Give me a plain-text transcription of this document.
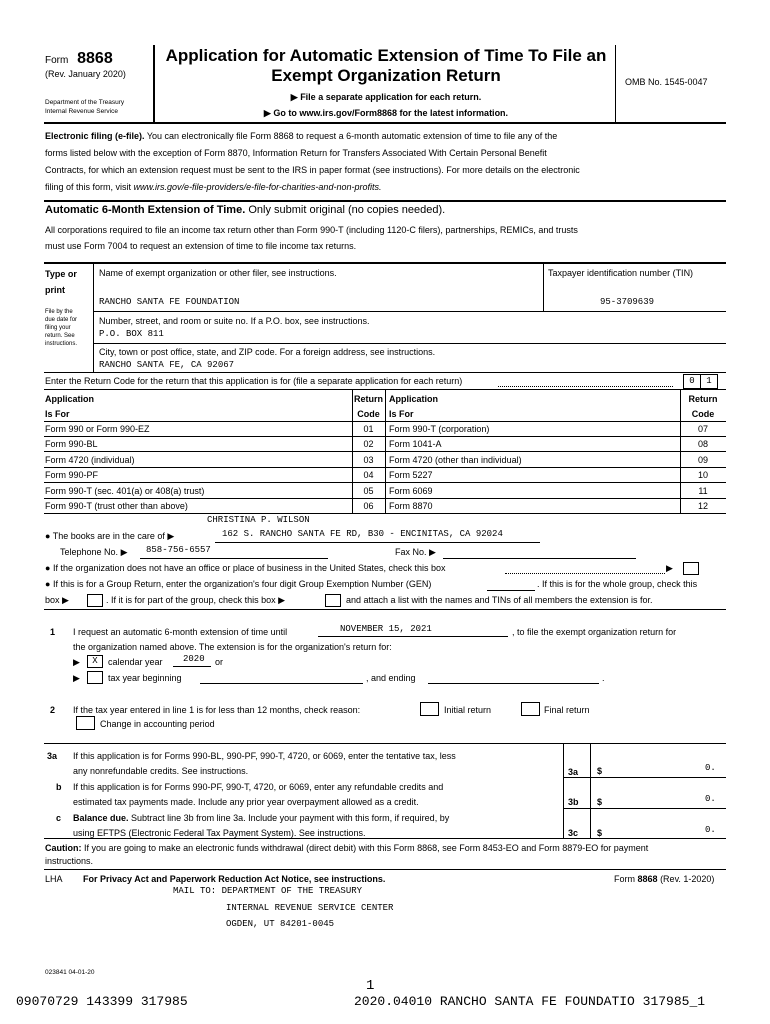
Form 8868
(Rev. January 2020)
Department of the Treasury
Internal Revenue Service
Application for Automatic Extension of Time To File an
Exempt Organization Return
▶ File a separate application for each return.
▶ Go to www.irs.gov/Form8868 for the latest information.
OMB No. 1545-0047
Electronic filing (e-file). You can electronically file Form 8868 to request a 6-month automatic extension of time to file any of the
forms listed below with the exception of Form 8870, Information Return for Transfers Associated With Certain Personal Benefit
Contracts, for which an extension request must be sent to the IRS in paper format (see instructions). For more details on the electronic
filing of this form, visit www.irs.gov/e-file-providers/e-file-for-charities-and-non-profits.
Automatic 6-Month Extension of Time. Only submit original (no copies needed).
All corporations required to file an income tax return other than Form 990-T (including 1120-C filers), partnerships, REMICs, and trusts
must use Form 7004 to request an extension of time to file income tax returns.
Type or
print
File by the
due date for
filing your
return. See
instructions.
Name of exempt organization or other filer, see instructions.	Taxpayer identification number (TIN)
RANCHO SANTA FE FOUNDATION	95-3709639
Number, street, and room or suite no. If a P.O. box, see instructions.
P.O. BOX 811
City, town or post office, state, and ZIP code. For a foreign address, see instructions.
RANCHO SANTA FE, CA 92067
Enter the Return Code for the return that this application is for (file a separate application for each return)	0	1
Application
Is For
Return
Code
Application
Is For
Return
Code
Form 990 or Form 990-EZ	01	Form 990-T (corporation)	07
Form 990-BL	02	Form 1041-A	08
Form 4720 (individual)	03	Form 4720 (other than individual)	09
Form 990-PF	04	Form 5227	10
Form 990-T (sec. 401(a) or 408(a) trust)	05	Form 6069	11
Form 990-T (trust other than above)	06	Form 8870	12
CHRISTINA P. WILSON
● The books are in the care of ▶	162 S. RANCHO SANTA FE RD, B30 - ENCINITAS, CA 92024
Telephone No. ▶ 858-756-6557	Fax No. ▶
● If the organization does not have an office or place of business in the United States, check this box	▶
● If this is for a Group Return, enter the organization's four digit Group Exemption Number (GEN)	. If this is for the whole group, check this
box ▶	. If it is for part of the group, check this box ▶	and attach a list with the names and TINs of all members the extension is for.
1 I request an automatic 6-month extension of time until	NOVEMBER 15, 2021	, to file the exempt organization return for
the organization named above. The extension is for the organization's return for:
▶	X	calendar year 2020 or
▶	tax year beginning	, and ending	.
2 If the tax year entered in line 1 is for less than 12 months, check reason:	Initial return	Final return
Change in accounting period
3a If this application is for Forms 990-BL, 990-PF, 990-T, 4720, or 6069, enter the tentative tax, less
any nonrefundable credits. See instructions.	3a $	0.
b If this application is for Forms 990-PF, 990-T, 4720, or 6069, enter any refundable credits and
estimated tax payments made. Include any prior year overpayment allowed as a credit.	3b $	0.
c Balance due. Subtract line 3b from line 3a. Include your payment with this form, if required, by
using EFTPS (Electronic Federal Tax Payment System). See instructions.	3c $	0.
Caution: If you are going to make an electronic funds withdrawal (direct debit) with this Form 8868, see Form 8453-EO and Form 8879-EO for payment
instructions.
LHA For Privacy Act and Paperwork Reduction Act Notice, see instructions.	Form 8868 (Rev. 1-2020)
MAIL TO: DEPARTMENT OF THE TREASURY
INTERNAL REVENUE SERVICE CENTER
OGDEN, UT 84201-0045
023841 04-01-20
1
09070729 143399 317985	2020.04010 RANCHO SANTA FE FOUNDATIO 317985_1
